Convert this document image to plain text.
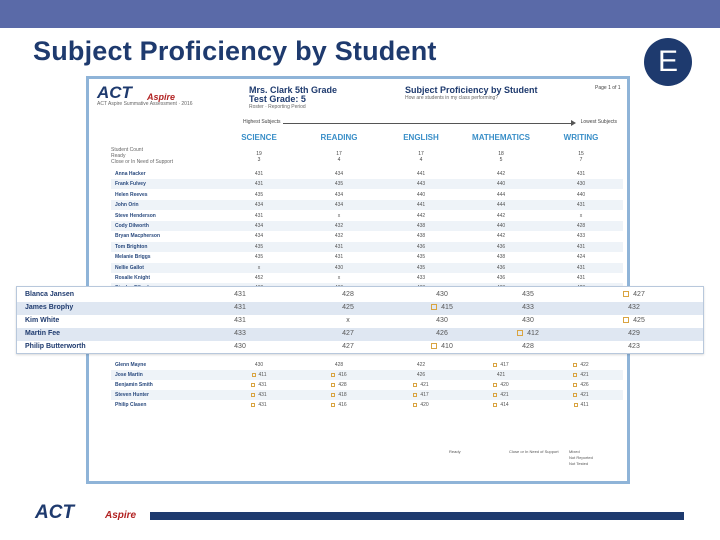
Subject Proficiency by Student	E
ACT Aspire
ACT Aspire Summative Assessment · 2016
Mrs. Clark 5th Grade
Test Grade: 5
Roster · Reporting Period
Subject Proficiency by Student
How are students in my class performing?
Page 1 of 1
Highest Subjects	Lowest Subjects
SCIENCE	READING	ENGLISH	MATHEMATICS	WRITING
Student Count
Ready
Close or In Need of Support
19	17	17	18	15
3	4	4	5	7
Anna Hacker	431	434	441	442	431
Frank Fulvey	431	435	443	440	430
Helen Reeves	435	434	440	444	440
John Orin	434	434	441	444	431
Steve Henderson	431	x	442	442	x
Cody Dilworth	434	432	438	440	428
Bryan Macpherson	434	432	438	442	433
Tom Brighton	435	431	436	436	431
Melanie Briggs	435	431	435	438	424
Nellie Gallot	x	430	435	436	431
Rosalie Knight	452	x	433	436	431
Glenn Mayne	430	428	422	417	422
Jose Martin	411	416	426	421	421
Benjamin Smith	431	428	421	420	426
Steven Hunter	431	418	417	421	421
Philip Clasen	431	416	420	414	411
Ready	Close or In Need of Support	Mixed
Not Reported
Not Tested
Blanca Jansen	431	428	430	435	427
James Brophy	431	425	415	433	432
Kim White	431	x	430	430	425
Martin Fee	433	427	426	412	429
Philip Butterworth	430	427	410	428	423
ACT	Aspire
